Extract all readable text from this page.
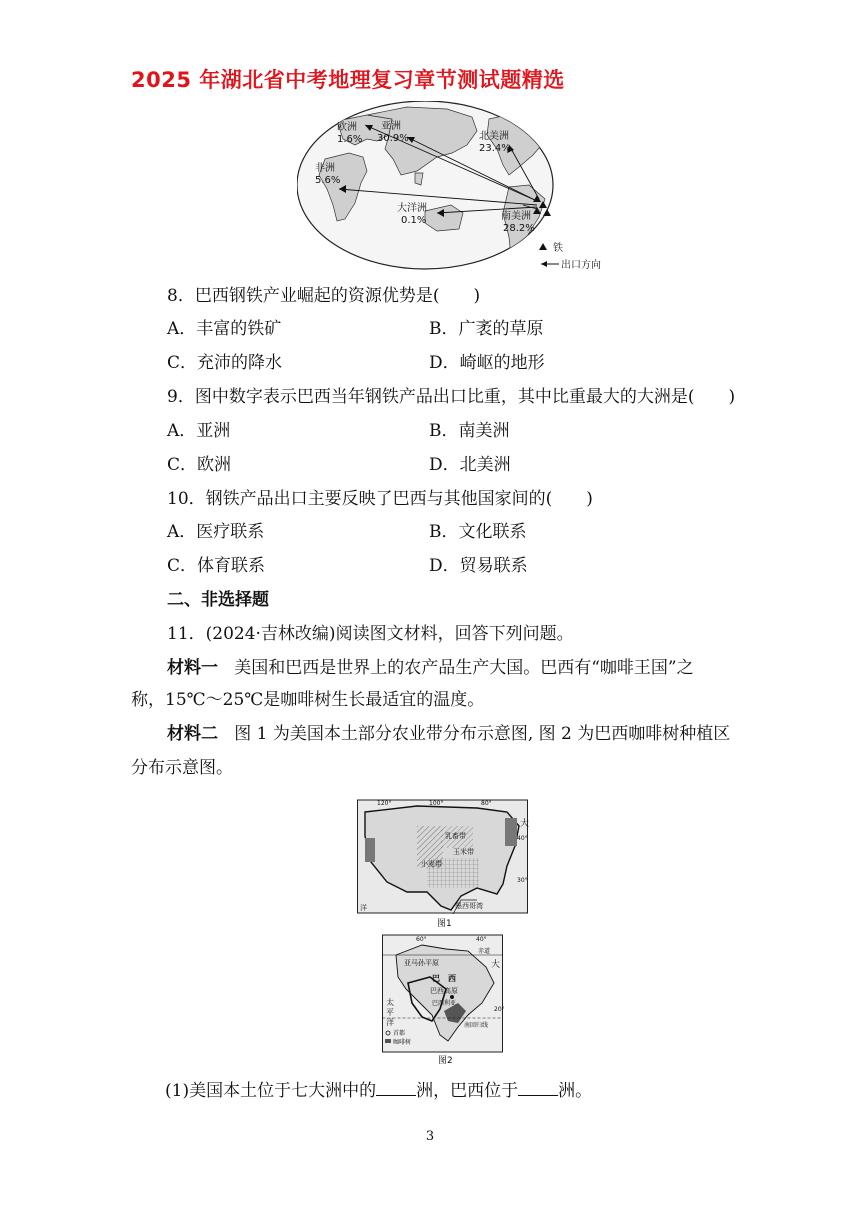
2025 年湖北省中考地理复习章节测试题精选
欧洲
1.6%
亚洲
30.9%	北美洲
23.4%
非洲
5.6%
大洋洲
0.1%	南美洲
28.2%
铁
出口方向
8．巴西钢铁产业崛起的资源优势是(　　)
A．丰富的铁矿	B．广袤的草原
C．充沛的降水	D．崎岖的地形
9．图中数字表示巴西当年钢铁产品出口比重，其中比重最大的大洲是(　　)
A．亚洲	B．南美洲
C．欧洲	D．北美洲
10．钢铁产品出口主要反映了巴西与其他国家间的(　　)
A．医疗联系	B．文化联系
C．体育联系	D．贸易联系
二、非选择题
11．(2024·吉林改编)阅读图文材料，回答下列问题。
材料一 美国和巴西是世界上的农产品生产大国。巴西有“咖啡王国”之
称，15℃～25℃是咖啡树生长最适宜的温度。
材料二 图 1 为美国本土部分农业带分布示意图, 图 2 为巴西咖啡树种植区
分布示意图。
120°	100°	80°
大
40°
30°
乳畜带
玉米带
小麦带
墨西哥湾
洋
图1
60°	40°
赤道
大
亚马孙平原
巴　西
巴西高原
巴西利亚
20°
南回归线
太
平
洋
首都
咖啡树
图2
(1)美国本土位于七大洲中的 洲，巴西位于 洲。
3
